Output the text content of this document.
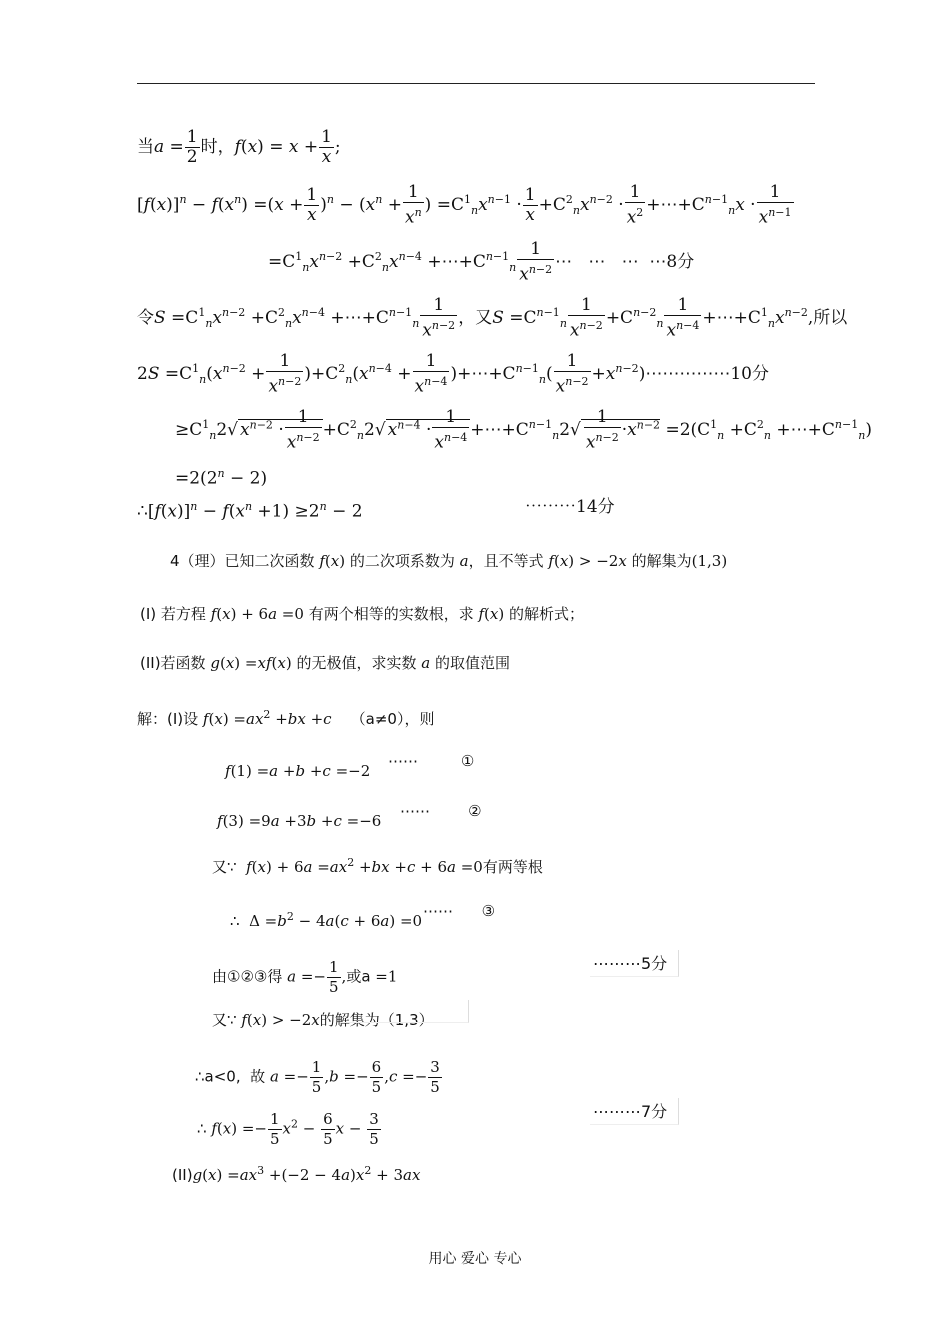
当$a = \frac{1}{2}$ 时，$f(x) = x + \frac{1}{x}$ ;
$[f(x)]^n - f(x^n) =(x + \frac{1}{x} )^n - (x^n + \frac{1}{x^n}$ ) $=C^1_nx^{n-1} \cdot \frac{1}{x} +C^2_nx^{n-2} \cdot \frac{1}{x^2}$ $+\cdots+C^{n-1}_nx \cdot \frac{1}{x^{n-1}}$
$=C^1_nx^{n-2} +C^2_nx^{n-4}$ $+\cdots+C^{n-1}_n \frac{1}{x^{n-2}}$ ⋯   ⋯   ⋯  ⋯8分
令$S =C^1_nx^{n-2} +C^2_nx^{n-4}$ $+\cdots+C^{n-1}_n \frac{1}{x^{n-2}}$ ，又$S =C^{n-1}_n \frac{1}{x^{n-2}} +C^{n-2}_n \frac{1}{x^{n-4}}$ $+\cdots+C^1_nx^{n-2}$,所以
$2S =C^1_n(x^{n-2} + \frac{1}{x^{n-2}} )+C^2_n(x^{n-4} + \frac{1}{x^{n-4}}$ )$+\cdots+C^{n-1}_n( \frac{1}{x^{n-2}}$ $+x^{n-2})\cdots\cdots\cdots\cdots\cdots 10$分
$\ge C^1_n2√$ $x^{n-2} \cdot \frac{1}{x^{n-2}} +C^2_n2√$ $x^{n-4} \cdot \frac{1}{x^{n-4}}$ $+\cdots+C^{n-1}_n2√ \frac{1}{x^{n-2}} \cdot x^{n-2} =2(C^1_n +C^2_n$ $+\cdots+C^{n-1}_n$)
$=2(2^n - 2)$
$\therefore[f(x)]^n - f(x^n +1) \ge 2^n - 2$	⋯⋯⋯14分
4（理）已知二次函数 f(x) 的二次项系数为 a，且不等式 f(x) > −2x 的解集为(1,3)
(I) 若方程 f(x) + 6a =0 有两个相等的实数根，求 f(x) 的解析式；
(II)若函数 g(x) =xf(x) 的无极值，求实数 a 的取值范围
解：(I)设 $f(x) =ax^2 +bx +c$ （a≠0），则
f(1) =a +b +c =−2
⋯⋯         ①
f(3) =9a +3b +c =−6
⋯⋯        ②
又∵ $f(x) + 6a =ax^2 +bx +c + 6a =0$有两等根
∴  $\Delta =b^2 - 4a(c + 6a) =0$
⋯⋯      ③
由①②③得 $a =- \frac{1}{5}$ ,或a =1
⋯⋯⋯5分
又∵ f(x) > −2x的解集为（1,3）
∴a<0,  故 $a =- \frac{1}{5} ,b =- \frac{6}{5} ,c =- \frac{3}{5}$
∴ $f(x) =- \frac{1}{5} x^2 - \frac{6}{5}$ $x - \frac{3}{5}$	⋯⋯⋯7分
$(II)g(x) =ax^3 +(-2 - 4a)x^2 + 3ax$
用心 爱心 专心
